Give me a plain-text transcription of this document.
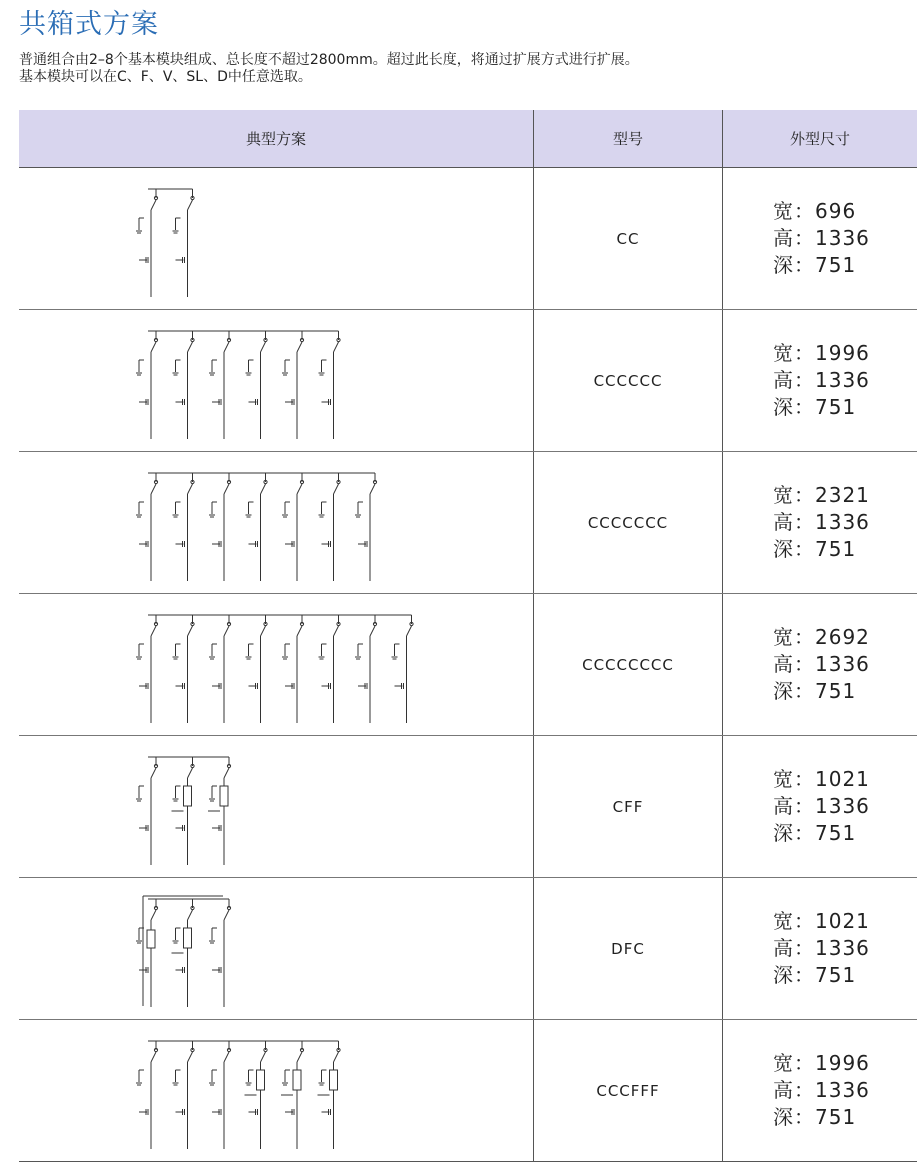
共箱式方案
普通组合由2–8个基本模块组成、总长度不超过2800mm。超过此长度，将通过扩展方式进行扩展。
基本模块可以在C、F、V、SL、D中任意选取。
典型方案	型号	外型尺寸

	CC	宽：696
高：1336
深：751

	CCCCCC	宽：1996
高：1336
深：751

	CCCCCCC	宽：2321
高：1336
深：751

	CCCCCCCC	宽：2692
高：1336
深：751

	CFF	宽：1021
高：1336
深：751

	DFC	宽：1021
高：1336
深：751

	CCCFFF	宽：1996
高：1336
深：751
